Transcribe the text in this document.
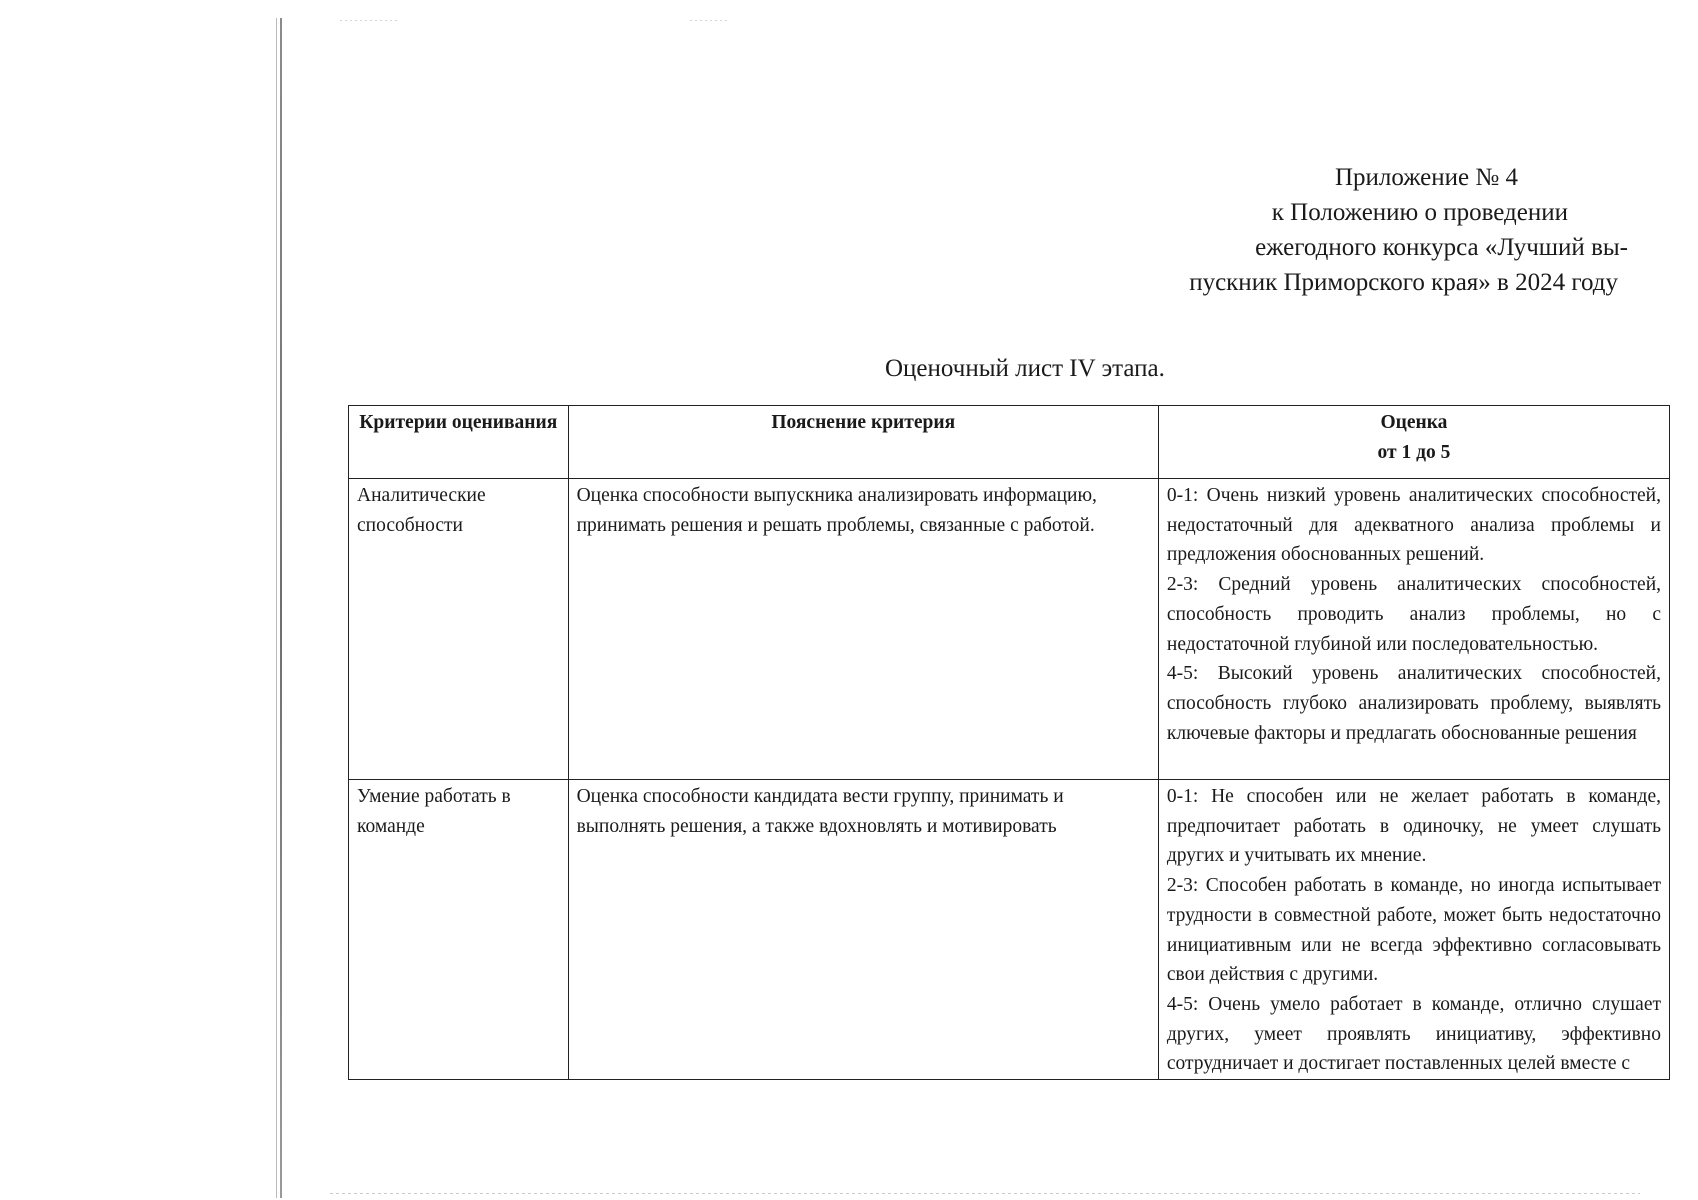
Приложение № 4
к Положению о проведении
ежегодного конкурса «Лучший вы-
пускник Приморского края» в 2024 году
Оценочный лист IV этапа.
Критерии оценивания	Пояснение критерия	Оценка
от 1 до 5

Аналитические способности	Оценка способности выпускника анализировать информацию, принимать решения и решать проблемы, связанные с работой.	0-1: Очень низкий уровень аналитических способностей, недостаточный для адекватного анализа проблемы и предложения обоснованных решений.

2-3: Средний уровень аналитических способностей, способность проводить анализ проблемы, но с недостаточной глубиной или последовательностью.

4-5: Высокий уровень аналитических способностей, способность глубоко анализировать проблему, выявлять ключевые факторы и предлагать обоснованные решения

Умение работать в команде	Оценка способности кандидата вести группу, принимать и выполнять решения, а также вдохновлять и мотивировать	0-1: Не способен или не желает работать в команде, предпочитает работать в одиночку, не умеет слушать других и учитывать их мнение.

2-3: Способен работать в команде, но иногда испытывает трудности в совместной работе, может быть недостаточно инициативным или не всегда эффективно согласовывать свои действия с другими.

4-5: Очень умело работает в команде, отлично слушает других, умеет проявлять инициативу, эффективно сотрудничает и достигает поставленных целей вместе с
